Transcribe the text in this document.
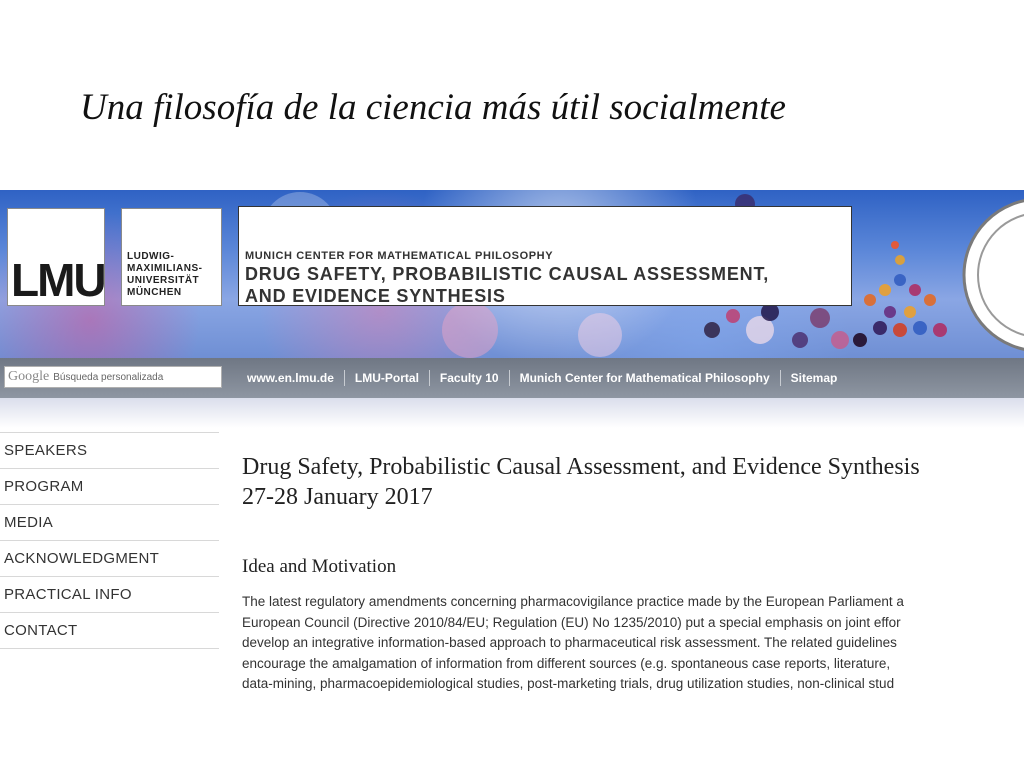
Una filosofía de la ciencia más útil socialmente
LMU LUDWIG-
MAXIMILIANS-
UNIVERSITÄT
MÜNCHEN
MUNICH CENTER FOR MATHEMATICAL PHILOSOPHY
DRUG SAFETY, PROBABILISTIC CAUSAL ASSESSMENT,
AND EVIDENCE SYNTHESIS
Google Búsqueda personalizada	www.en.lmu.de	LMU-Portal	Faculty 10	Munich Center for Mathematical Philosophy	Sitemap
SPEAKERS
PROGRAM
MEDIA
ACKNOWLEDGMENT
PRACTICAL INFO
CONTACT
Drug Safety, Probabilistic Causal Assessment, and Evidence Synthesis
27-28 January 2017
Idea and Motivation
The latest regulatory amendments concerning pharmacovigilance practice made by the European Parliament a
European Council (Directive 2010/84/EU; Regulation (EU) No 1235/2010) put a special emphasis on joint effor
develop an integrative information-based approach to pharmaceutical risk assessment. The related guidelines
encourage the amalgamation of information from different sources (e.g. spontaneous case reports, literature,
data-mining, pharmacoepidemiological studies, post-marketing trials, drug utilization studies, non-clinical stud
